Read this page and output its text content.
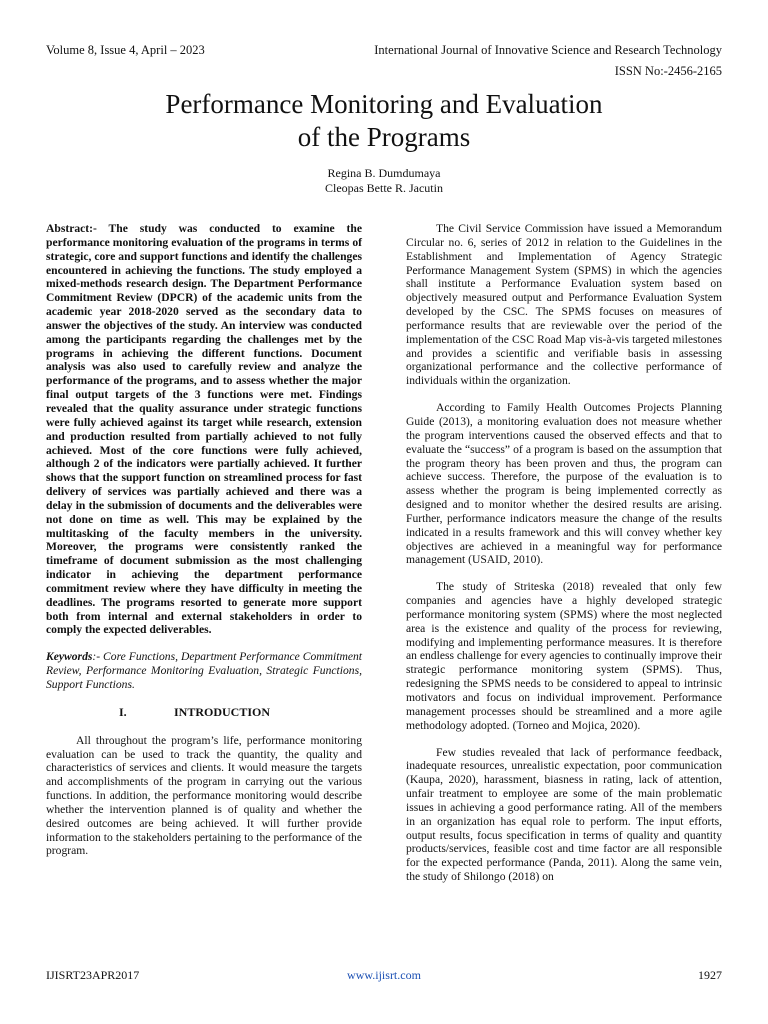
Volume 8, Issue 4, April – 2023	International Journal of Innovative Science and Research Technology
ISSN No:-2456-2165
Performance Monitoring and Evaluation
of the Programs
Regina B. Dumdumaya
Cleopas Bette R. Jacutin

Abstract:- The study was conducted to examine the performance monitoring evaluation of the programs in terms of strategic, core and support functions and identify the challenges encountered in achieving the functions. The study employed a mixed-methods research design. The Department Performance Commitment Review (DPCR) of the academic units from the academic year 2018-2020 served as the secondary data to answer the objectives of the study. An interview was conducted among the participants regarding the challenges met by the programs in achieving the different functions. Document analysis was also used to carefully review and analyze the performance of the programs, and to assess whether the major final output targets of the 3 functions were met. Findings revealed that the quality assurance under strategic functions were fully achieved against its target while research, extension and production resulted from partially achieved to not fully achieved. Most of the core functions were fully achieved, although 2 of the indicators were partially achieved. It further shows that the support function on streamlined process for fast delivery of services was partially achieved and there was a delay in the submission of documents and the deliverables were not done on time as well. This may be explained by the multitasking of the faculty members in the university. Moreover, the programs were consistently ranked the timeframe of document submission as the most challenging indicator in achieving the department performance commitment review where they have difficulty in meeting the deadlines. The programs resorted to generate more support both from internal and external stakeholders in order to comply the expected deliverables.

Keywords:- Core Functions, Department Performance Commitment Review, Performance Monitoring Evaluation, Strategic Functions, Support Functions.

I.	INTRODUCTION

All throughout the program’s life, performance monitoring evaluation can be used to track the quantity, the quality and characteristics of services and clients. It would measure the targets and accomplishments of the program in carrying out the various functions. In addition, the performance monitoring would describe whether the intervention planned is of quality and whether the desired outcomes are being achieved. It will further provide information to the stakeholders pertaining to the performance of the program.

The Civil Service Commission have issued a Memorandum Circular no. 6, series of 2012 in relation to the Guidelines in the Establishment and Implementation of Agency Strategic Performance Management System (SPMS) in which the agencies shall institute a Performance Evaluation system based on objectively measured output and Performance Evaluation System developed by the CSC. The SPMS focuses on measures of performance results that are reviewable over the period of the implementation of the CSC Road Map vis-à-vis targeted milestones and provides a scientific and verifiable basis in assessing organizational performance and the collective performance of individuals within the organization.

According to Family Health Outcomes Projects Planning Guide (2013), a monitoring evaluation does not measure whether the program interventions caused the observed effects and that to evaluate the “success” of a program is based on the assumption that the program theory has been proven and thus, the program can achieve success. Therefore, the purpose of the evaluation is to assess whether the program is being implemented correctly as designed and to monitor whether the desired results are arising. Further, performance indicators measure the change of the results indicated in a results framework and this will convey whether key objectives are achieved in a meaningful way for performance management (USAID, 2010).

The study of Striteska (2018) revealed that only few companies and agencies have a highly developed strategic performance monitoring system (SPMS) where the most neglected area is the existence and quality of the process for reviewing, modifying and implementing performance measures. It is therefore an endless challenge for every agencies to continually improve their strategic performance monitoring system (SPMS). Thus, redesigning the SPMS needs to be considered to appeal to intrinsic motivators and focus on individual improvement. Performance management processes should be streamlined and a more agile methodology adopted. (Torneo and Mojica, 2020).

Few studies revealed that lack of performance feedback, inadequate resources, unrealistic expectation, poor communication (Kaupa, 2020), harassment, biasness in rating, lack of attention, unfair treatment to employee are some of the main problematic issues in achieving a good performance rating. All of the members in an organization has equal role to perform. The input efforts, output results, focus specification in terms of quality and quantity products/services, feasible cost and time factor are all responsible for the expected performance (Panda, 2011). Along the same vein, the study of Shilongo (2018) on

IJISRT23APR2017	www.ijisrt.com	1927
